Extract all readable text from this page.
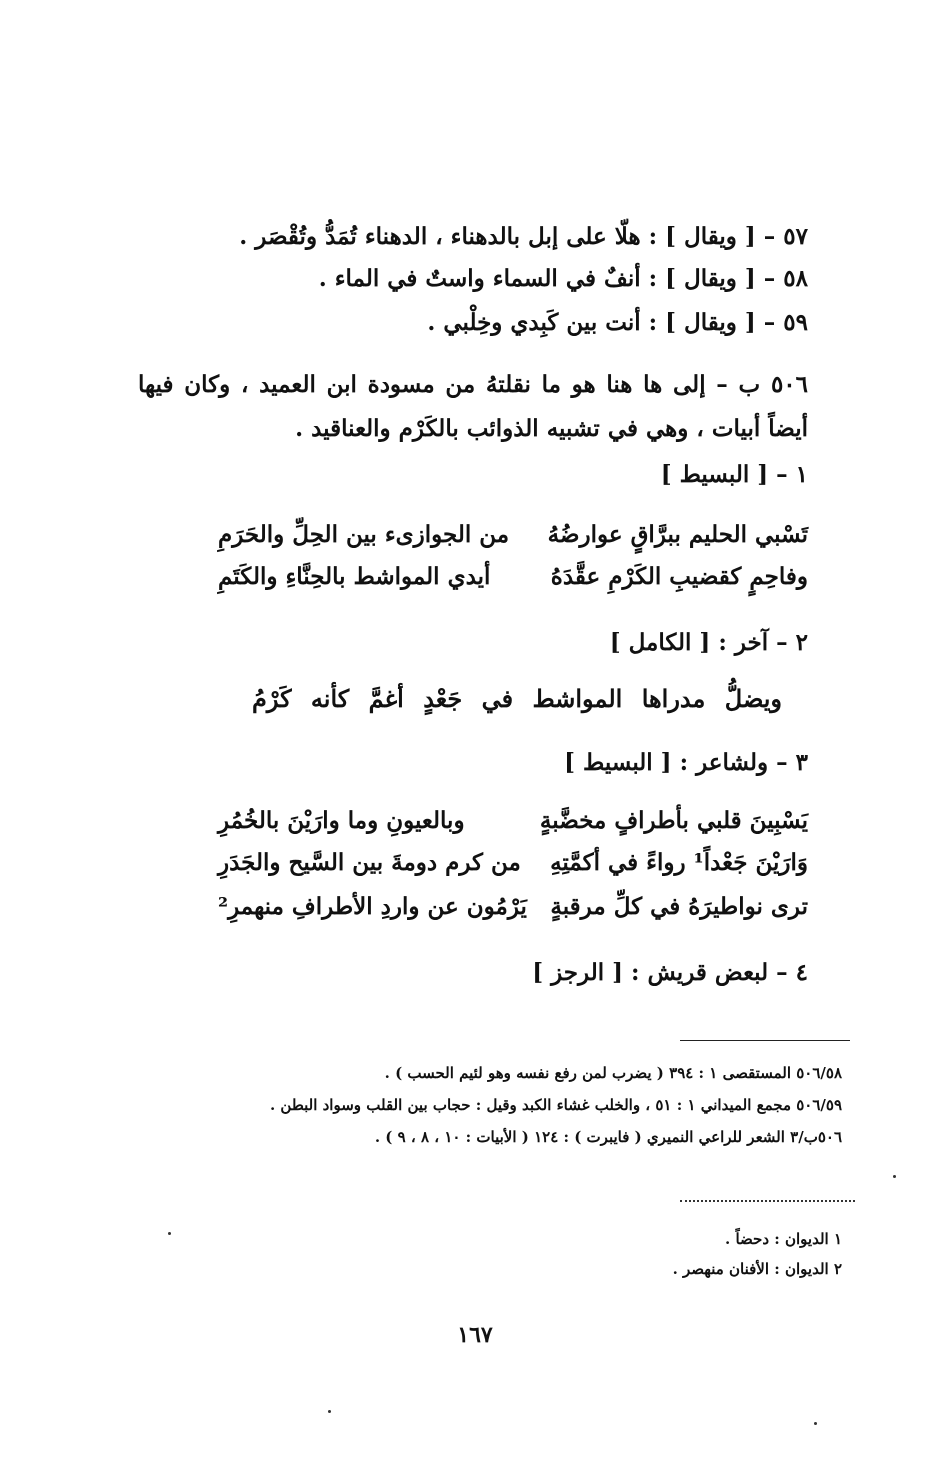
٥٧ – [ ويقال ] : هلّا على إبل بالدهناء ، الدهناء تُمَدُّ وتُقْصَر .
٥٨ – [ ويقال ] : أنفٌ في السماء واستٌ في الماء .
٥٩ – [ ويقال ] : أنت بين كَبِدي وخِلْبي .
٥٠٦ ب – إلى ها هنا هو ما نقلتهُ من مسودة ابن العميد ، وكان فيها أيضاً أبيات ، وهي في تشبيه الذوائب بالكَرْم والعناقيد .
١ – [ البسيط ]
تَسْبي الحليم ببرَّاقٍ عوارضُهُ
من الجوازىء بين الحِلِّ والحَرَمِ
وفاحِمٍ كقضيبِ الكَرْمِ عقَّدَهُ
أيدي المواشط بالحِنَّاءِ والكَتَمِ
٢ – آخر : [ الكامل ]
ويضلُّ مدراها المواشط في جَعْدٍ أغمَّ كأنه كَرْمُ
٣ – ولشاعر : [ البسيط ]
يَسْبِينَ قلبي بأطرافٍ مخضَّبةٍ
وبالعيونِ وما وارَيْنَ بالخُمُرِ
وَارَيْنَ جَعْداً¹ رواءً في أكمَّتِهِ
من كرم دومةَ بين السَّيح والجَدَرِ
ترى نواطيرَهُ في كلِّ مرقبةٍ
يَرْمُون عن واردِ الأطرافِ منهمرِ²
٤ – لبعض قريش : [ الرجز ]
٥٠٦/٥٨ المستقصى ١ : ٣٩٤ ( يضرب لمن رفع نفسه وهو لئيم الحسب ) .
٥٠٦/٥٩ مجمع الميداني ١ : ٥١ ، والخلب غشاء الكبد وقيل : حجاب بين القلب وسواد البطن .
٥٠٦ب/٣ الشعر للراعي النميري ( فايبرت ) : ١٢٤ ( الأبيات : ١٠ ، ٨ ، ٩ ) .
١ الديوان : دحضاً .
٢ الديوان : الأفنان منهصر .
١٦٧
